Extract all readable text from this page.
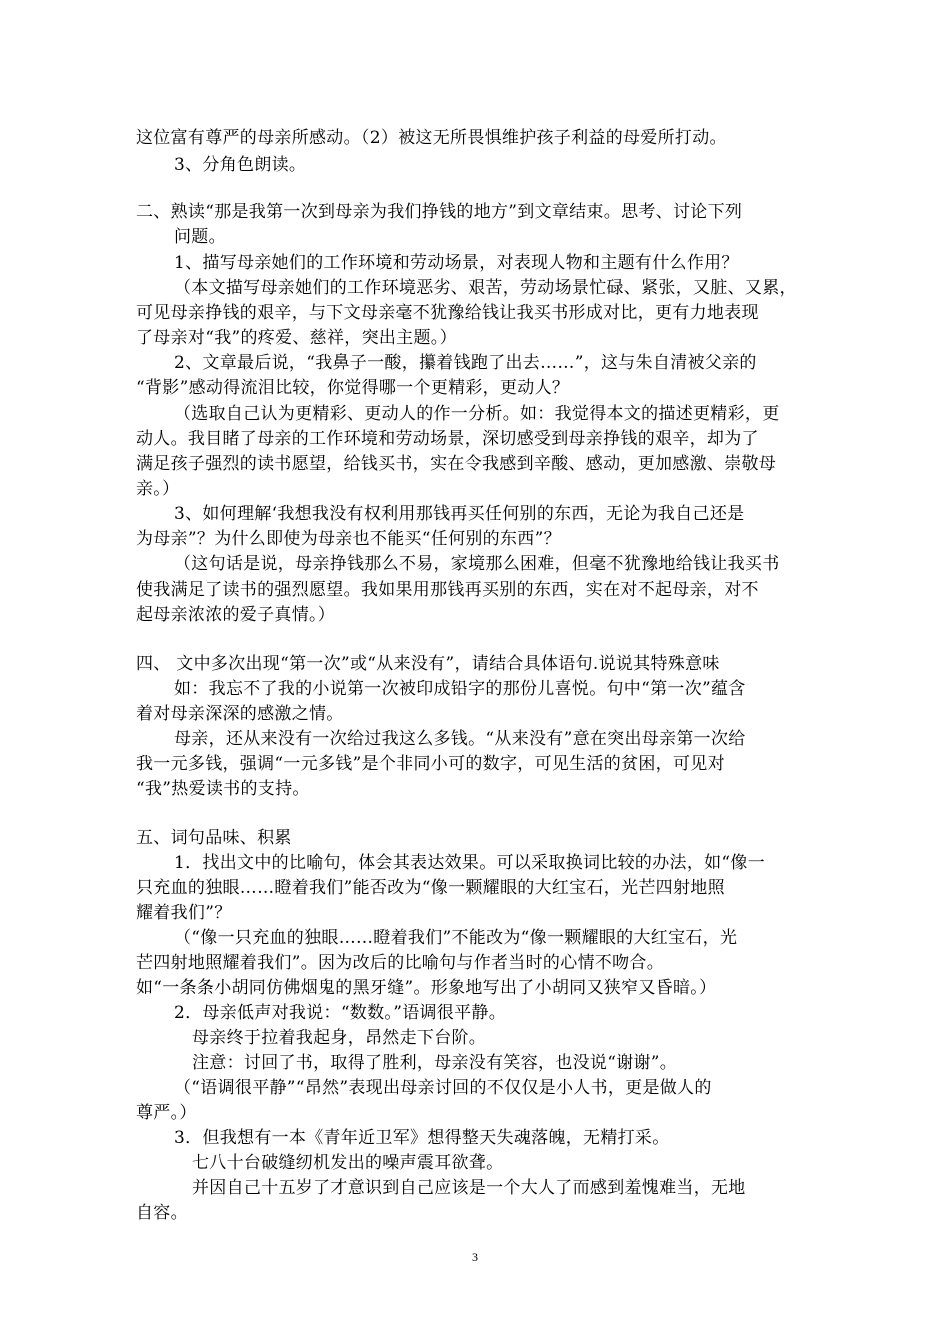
这位富有尊严的母亲所感动。（2）被这无所畏惧维护孩子利益的母爱所打动。
3、分角色朗读。
二、熟读“那是我第一次到母亲为我们挣钱的地方”到文章结束。思考、讨论下列
问题。
1、描写母亲她们的工作环境和劳动场景，对表现人物和主题有什么作用？
（本文描写母亲她们的工作环境恶劣、艰苦，劳动场景忙碌、紧张，又脏、又累，
可见母亲挣钱的艰辛，与下文母亲毫不犹豫给钱让我买书形成对比，更有力地表现
了母亲对“我”的疼爱、慈祥，突出主题。）
2、文章最后说，“我鼻子一酸，攥着钱跑了出去……”，这与朱自清被父亲的
“背影”感动得流泪比较，你觉得哪一个更精彩，更动人？
（选取自己认为更精彩、更动人的作一分析。如：我觉得本文的描述更精彩，更
动人。我目睹了母亲的工作环境和劳动场景，深切感受到母亲挣钱的艰辛，却为了
满足孩子强烈的读书愿望，给钱买书，实在令我感到辛酸、感动，更加感激、崇敬母
亲。）
3、如何理解‘我想我没有权利用那钱再买任何别的东西，无论为我自己还是
为母亲”？为什么即使为母亲也不能买“任何别的东西”？
（这句话是说，母亲挣钱那么不易，家境那么困难，但毫不犹豫地给钱让我买书
使我满足了读书的强烈愿望。我如果用那钱再买别的东西，实在对不起母亲，对不
起母亲浓浓的爱子真情。）
四、 文中多次出现“第一次”或“从来没有”，请结合具体语句.说说其特殊意味
如：我忘不了我的小说第一次被印成铅字的那份儿喜悦。句中“第一次”蕴含
着对母亲深深的感激之情。
母亲，还从来没有一次给过我这么多钱。“从来没有”意在突出母亲第一次给
我一元多钱，强调“一元多钱”是个非同小可的数字，可见生活的贫困，可见对
“我”热爱读书的支持。
五、词句品味、积累
1．找出文中的比喻句，体会其表达效果。可以采取换词比较的办法，如“像一
只充血的独眼……瞪着我们”能否改为“像一颗耀眼的大红宝石，光芒四射地照
耀着我们”？
（“像一只充血的独眼……瞪着我们”不能改为“像一颗耀眼的大红宝石，光
芒四射地照耀着我们”。因为改后的比喻句与作者当时的心情不吻合。
如“一条条小胡同仿佛烟鬼的黑牙缝”。形象地写出了小胡同又狭窄又昏暗。）
2．母亲低声对我说：“数数。”语调很平静。
母亲终于拉着我起身，昂然走下台阶。
注意：讨回了书，取得了胜利，母亲没有笑容，也没说“谢谢”。
（“语调很平静”“昂然”表现出母亲讨回的不仅仅是小人书，更是做人的
尊严。）
3．但我想有一本《青年近卫军》想得整天失魂落魄，无精打采。
七八十台破缝纫机发出的噪声震耳欲聋。
并因自己十五岁了才意识到自己应该是一个大人了而感到羞愧难当，无地
自容。
3
